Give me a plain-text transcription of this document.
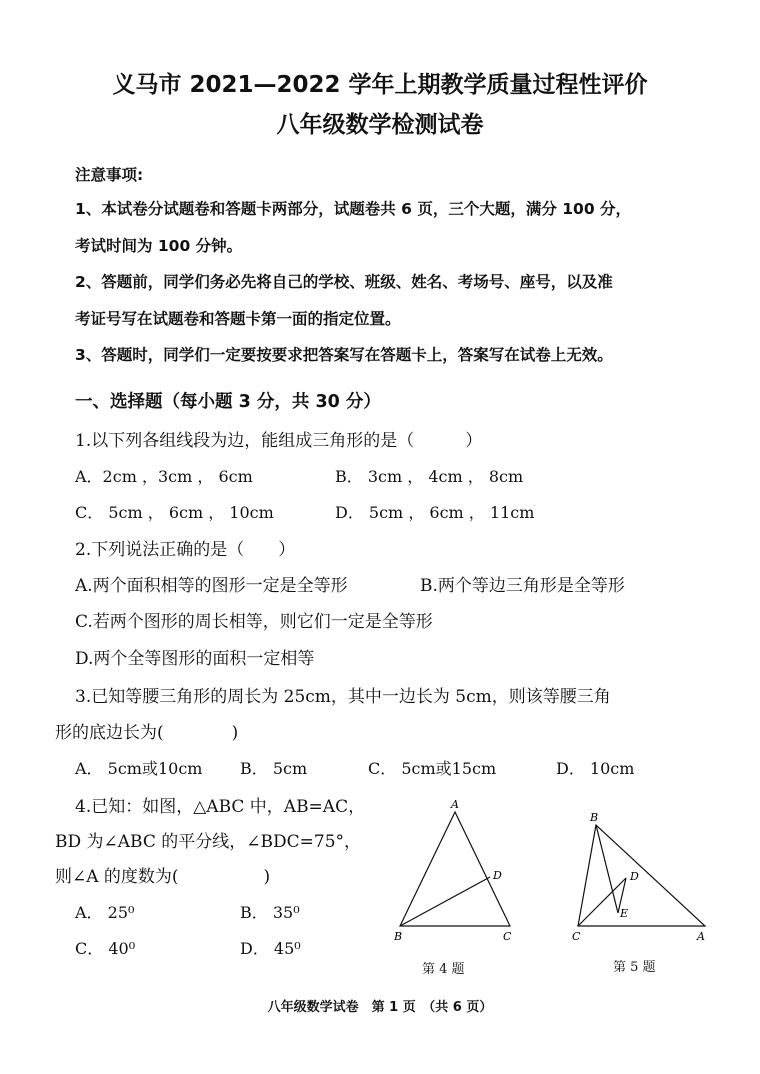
义马市 2021—2022 学年上期教学质量过程性评价
八年级数学检测试卷
注意事项:
1、本试卷分试题卷和答题卡两部分，试题卷共 6 页，三个大题，满分 100 分，
考试时间为 100 分钟。
2、答题前，同学们务必先将自己的学校、班级、姓名、考场号、座号，以及准
考证号写在试题卷和答题卡第一面的指定位置。
3、答题时，同学们一定要按要求把答案写在答题卡上，答案写在试卷上无效。
一、选择题（每小题 3 分，共 30 分）
1.以下列各组线段为边，能组成三角形的是（　　　）
A．2cm ，3cm ， 6cm	B． 3cm ， 4cm ， 8cm
C． 5cm ， 6cm ， 10cm	D． 5cm ， 6cm ， 11cm
2.下列说法正确的是（　　）
A.两个面积相等的图形一定是全等形	B.两个等边三角形是全等形
C.若两个图形的周长相等，则它们一定是全等形
D.两个全等图形的面积一定相等
3.已知等腰三角形的周长为 25cm，其中一边长为 5cm，则该等腰三角
形的底边长为(　　　　)
A． 5cm或10cm B． 5cm	C． 5cm或15cm	D． 10cm
4.已知：如图，△ABC 中，AB=AC，
BD 为∠ABC 的平分线，∠BDC=75°，
则∠A 的度数为(　　　　　)
A． 25⁰	B． 35⁰
C． 40⁰	D． 45⁰
A
B	C
D
第 4 题
B
C	A
D
E
第 5 题
八年级数学试卷　第 1 页　（共 6 页）
